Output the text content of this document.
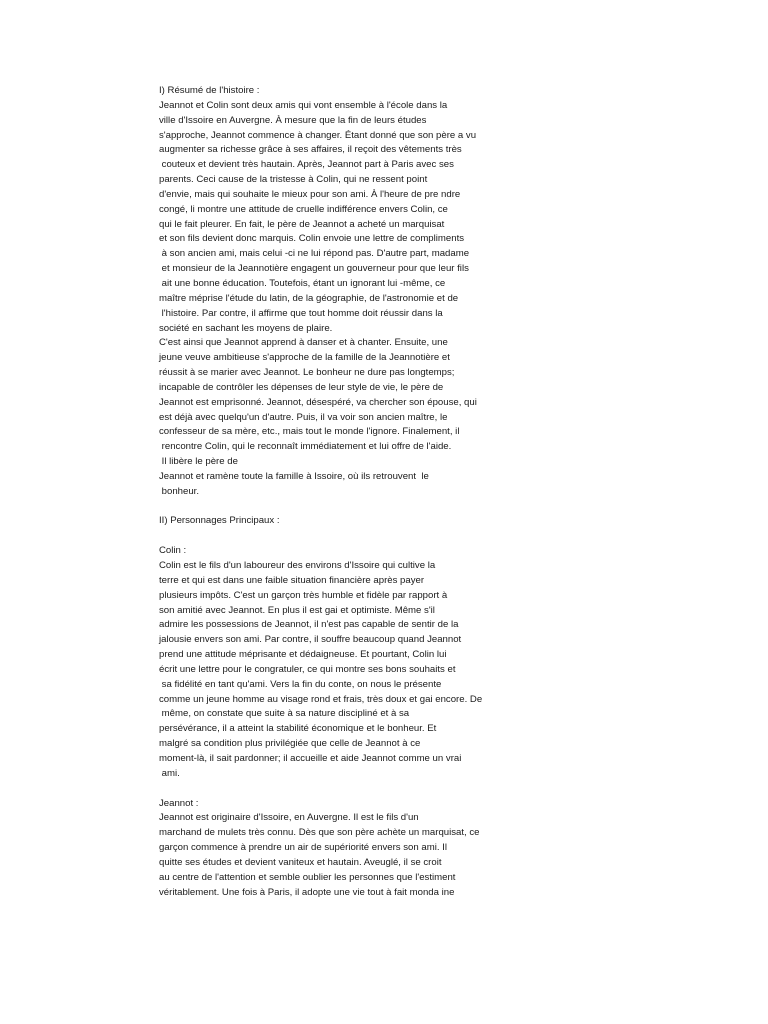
I) Résumé de l'histoire :
Jeannot et Colin sont deux amis qui vont ensemble à l'école dans la
ville d'Issoire en Auvergne. À mesure que la fin de leurs études
s'approche, Jeannot commence à changer. Étant donné que son père a vu
augmenter sa richesse grâce à ses affaires, il reçoit des vêtements très
couteux et devient très hautain. Après, Jeannot part à Paris avec ses
parents. Ceci cause de la tristesse à Colin, qui ne ressent point
d'envie, mais qui souhaite le mieux pour son ami. À l'heure de pre ndre
congé, li montre une attitude de cruelle indifférence envers Colin, ce
qui le fait pleurer. En fait, le père de Jeannot a acheté un marquisat
et son fils devient donc marquis. Colin envoie une lettre de compliments
à son ancien ami, mais celui -ci ne lui répond pas. D'autre part, madame
et monsieur de la Jeannotière engagent un gouverneur pour que leur fils
ait une bonne éducation. Toutefois, étant un ignorant lui -même, ce
maître méprise l'étude du latin, de la géographie, de l'astronomie et de
l'histoire. Par contre, il affirme que tout homme doit réussir dans la
société en sachant les moyens de plaire.
C'est ainsi que Jeannot apprend à danser et à chanter. Ensuite, une
jeune veuve ambitieuse s'approche de la famille de la Jeannotière et
réussit à se marier avec Jeannot. Le bonheur ne dure pas longtemps;
incapable de contrôler les dépenses de leur style de vie, le père de
Jeannot est emprisonné. Jeannot, désespéré, va chercher son épouse, qui
est déjà avec quelqu'un d'autre. Puis, il va voir son ancien maître, le
confesseur de sa mère, etc., mais tout le monde l'ignore. Finalement, il
rencontre Colin, qui le reconnaît immédiatement et lui offre de l'aide.
Il libère le père de
Jeannot et ramène toute la famille à Issoire, où ils retrouvent  le
bonheur.
II) Personnages Principaux :
Colin :
Colin est le fils d'un laboureur des environs d'Issoire qui cultive la
terre et qui est dans une faible situation financière après payer
plusieurs impôts. C'est un garçon très humble et fidèle par rapport à
son amitié avec Jeannot. En plus il est gai et optimiste. Même s'il
admire les possessions de Jeannot, il n'est pas capable de sentir de la
jalousie envers son ami. Par contre, il souffre beaucoup quand Jeannot
prend une attitude méprisante et dédaigneuse. Et pourtant, Colin lui
écrit une lettre pour le congratuler, ce qui montre ses bons souhaits et
sa fidélité en tant qu'ami. Vers la fin du conte, on nous le présente
comme un jeune homme au visage rond et frais, très doux et gai encore. De
même, on constate que suite à sa nature discipliné et à sa
persévérance, il a atteint la stabilité économique et le bonheur. Et
malgré sa condition plus privilégiée que celle de Jeannot à ce
moment-là, il sait pardonner; il accueille et aide Jeannot comme un vrai
ami.
Jeannot :
Jeannot est originaire d'Issoire, en Auvergne. Il est le fils d'un
marchand de mulets très connu. Dès que son père achète un marquisat, ce
garçon commence à prendre un air de supériorité envers son ami. Il
quitte ses études et devient vaniteux et hautain. Aveuglé, il se croit
au centre de l'attention et semble oublier les personnes que l'estiment
véritablement. Une fois à Paris, il adopte une vie tout à fait monda ine
